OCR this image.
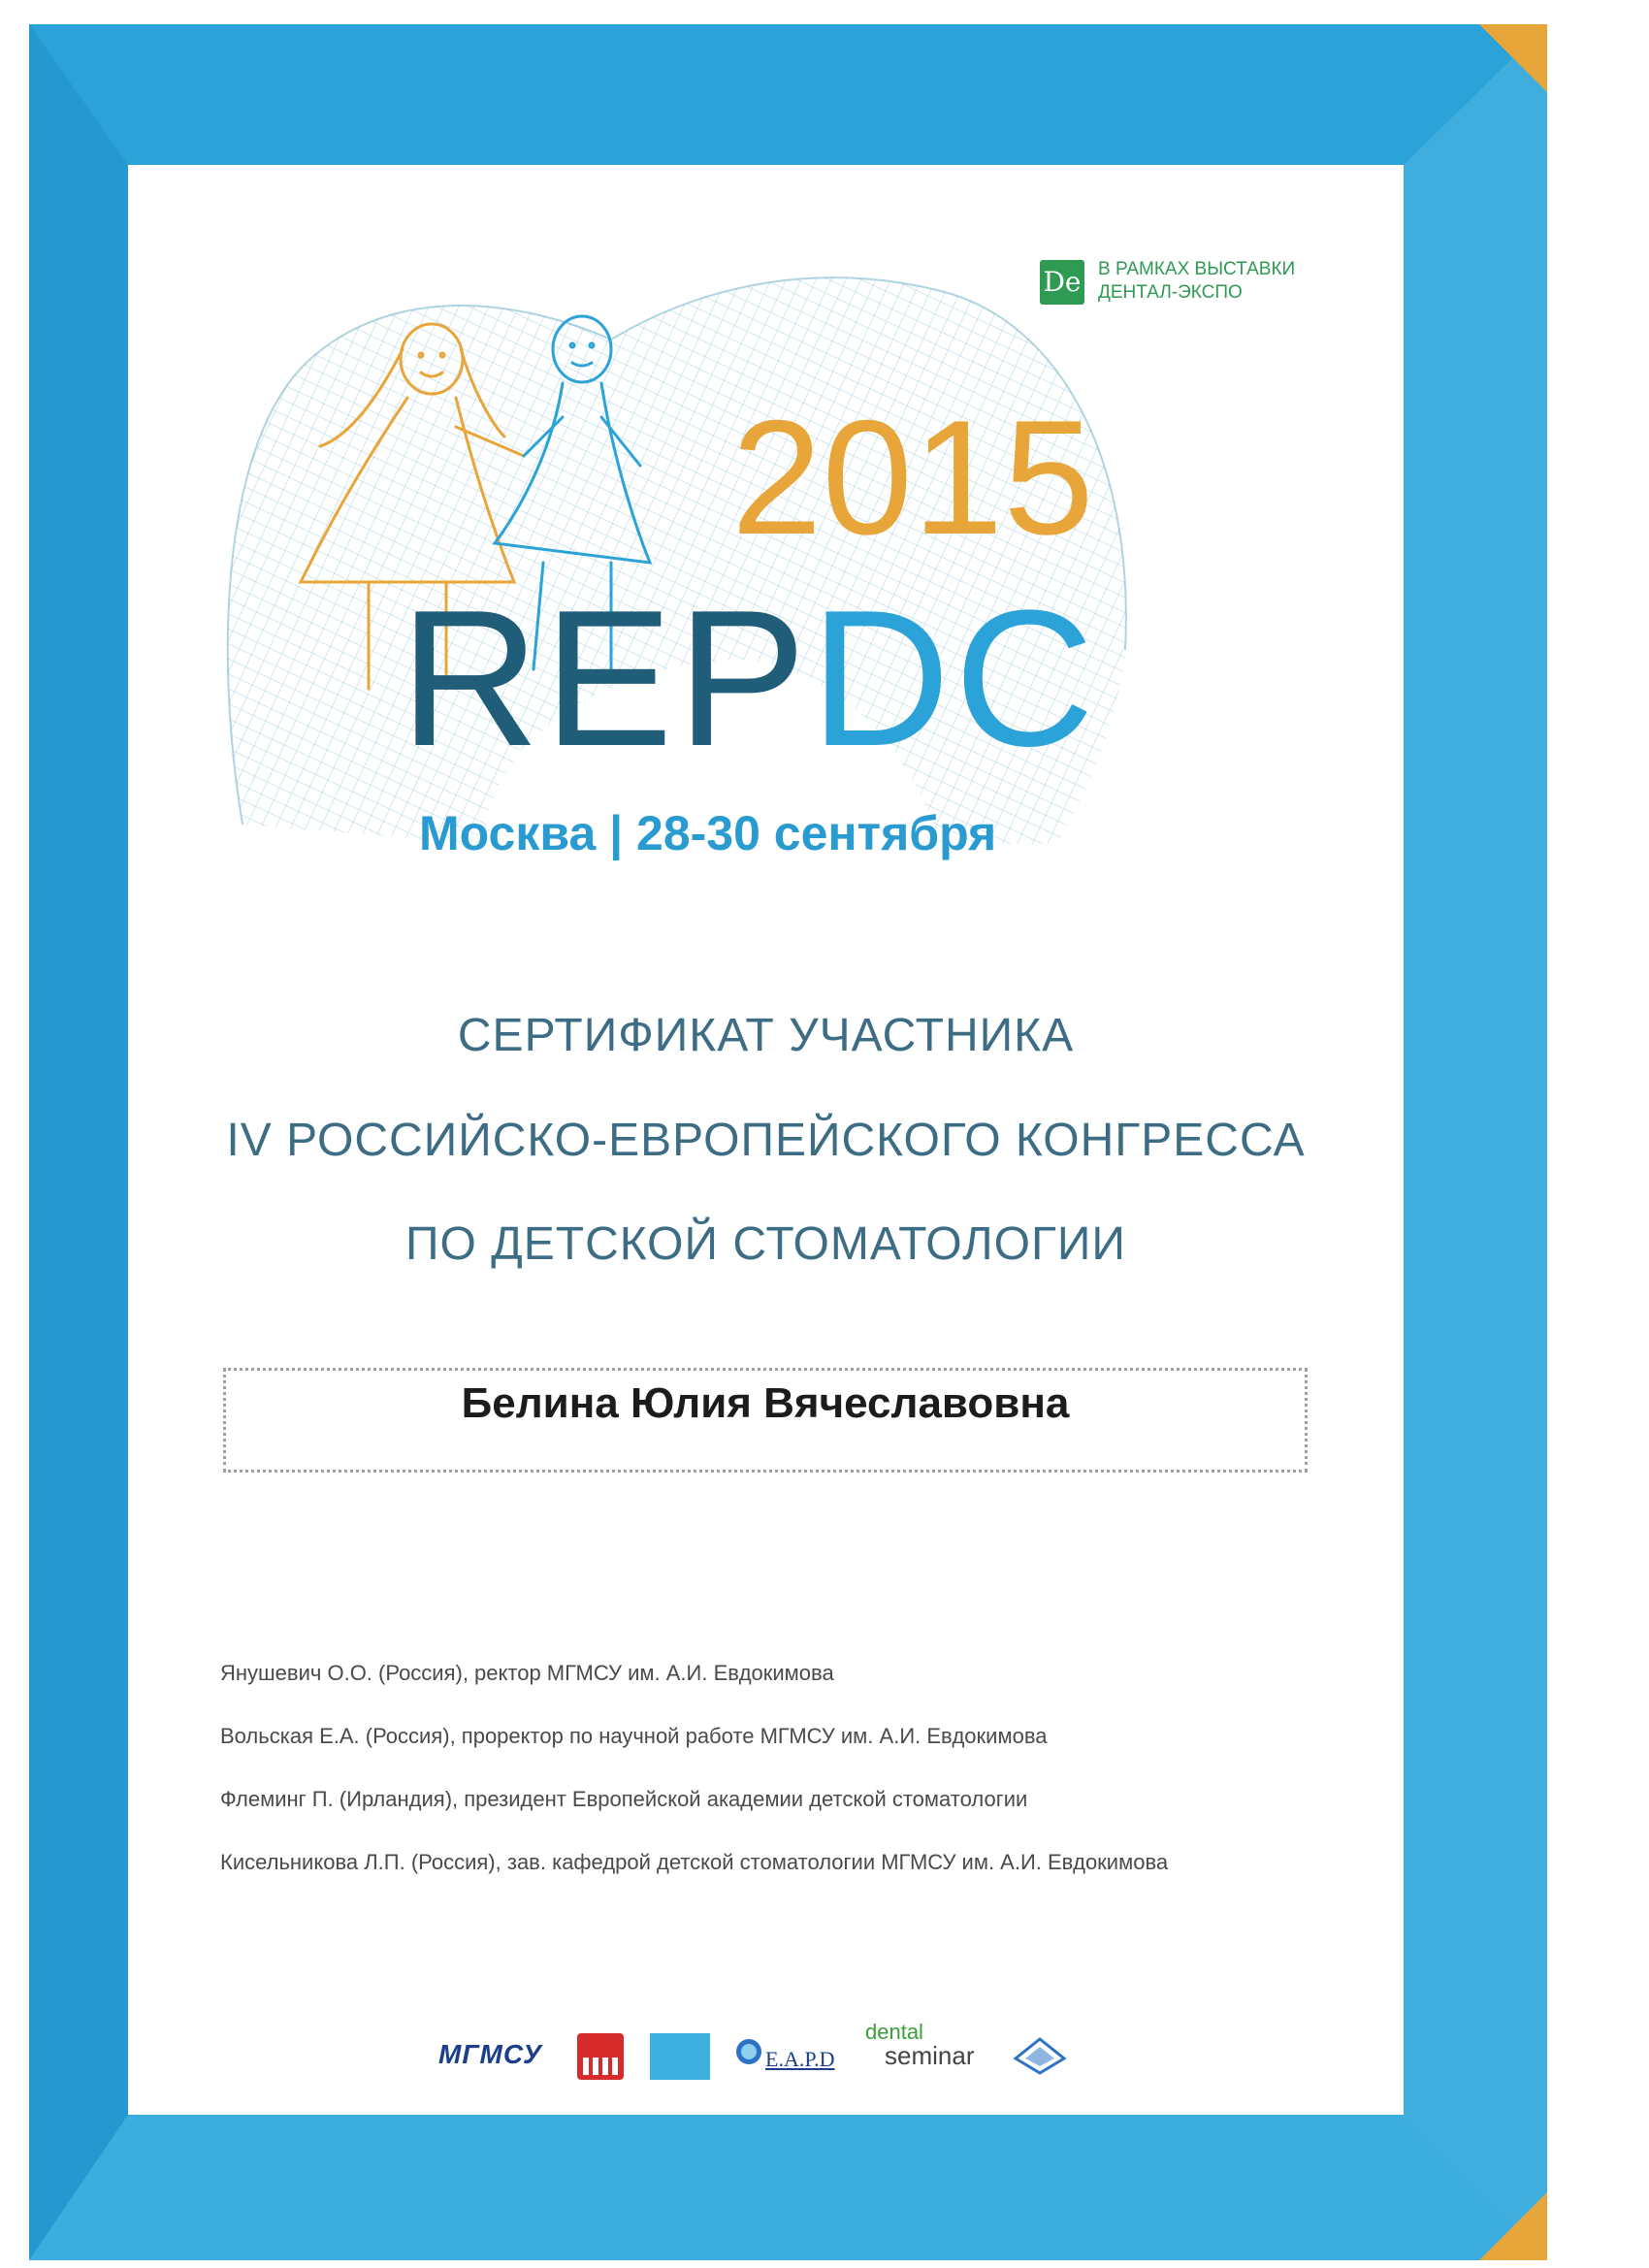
De В РАМКАХ ВЫСТАВКИ
ДЕНТАЛ-ЭКСПО
2015
REPDC
Москва | 28-30 сентября
СЕРТИФИКАТ УЧАСТНИКА
IV РОССИЙСКО-ЕВРОПЕЙСКОГО КОНГРЕССА
ПО ДЕТСКОЙ СТОМАТОЛОГИИ
Белина Юлия Вячеславовна
Янушевич О.О. (Россия), ректор МГМСУ им. А.И. Евдокимова
Вольская Е.А. (Россия), проректор по научной работе МГМСУ им. А.И. Евдокимова
Флеминг П. (Ирландия), президент Европейской академии детской стоматологии
Кисельникова Л.П. (Россия), зав. кафедрой детской стоматологии МГМСУ им. А.И. Евдокимова
МГМСУ	E.A.P.D
dental
seminar
